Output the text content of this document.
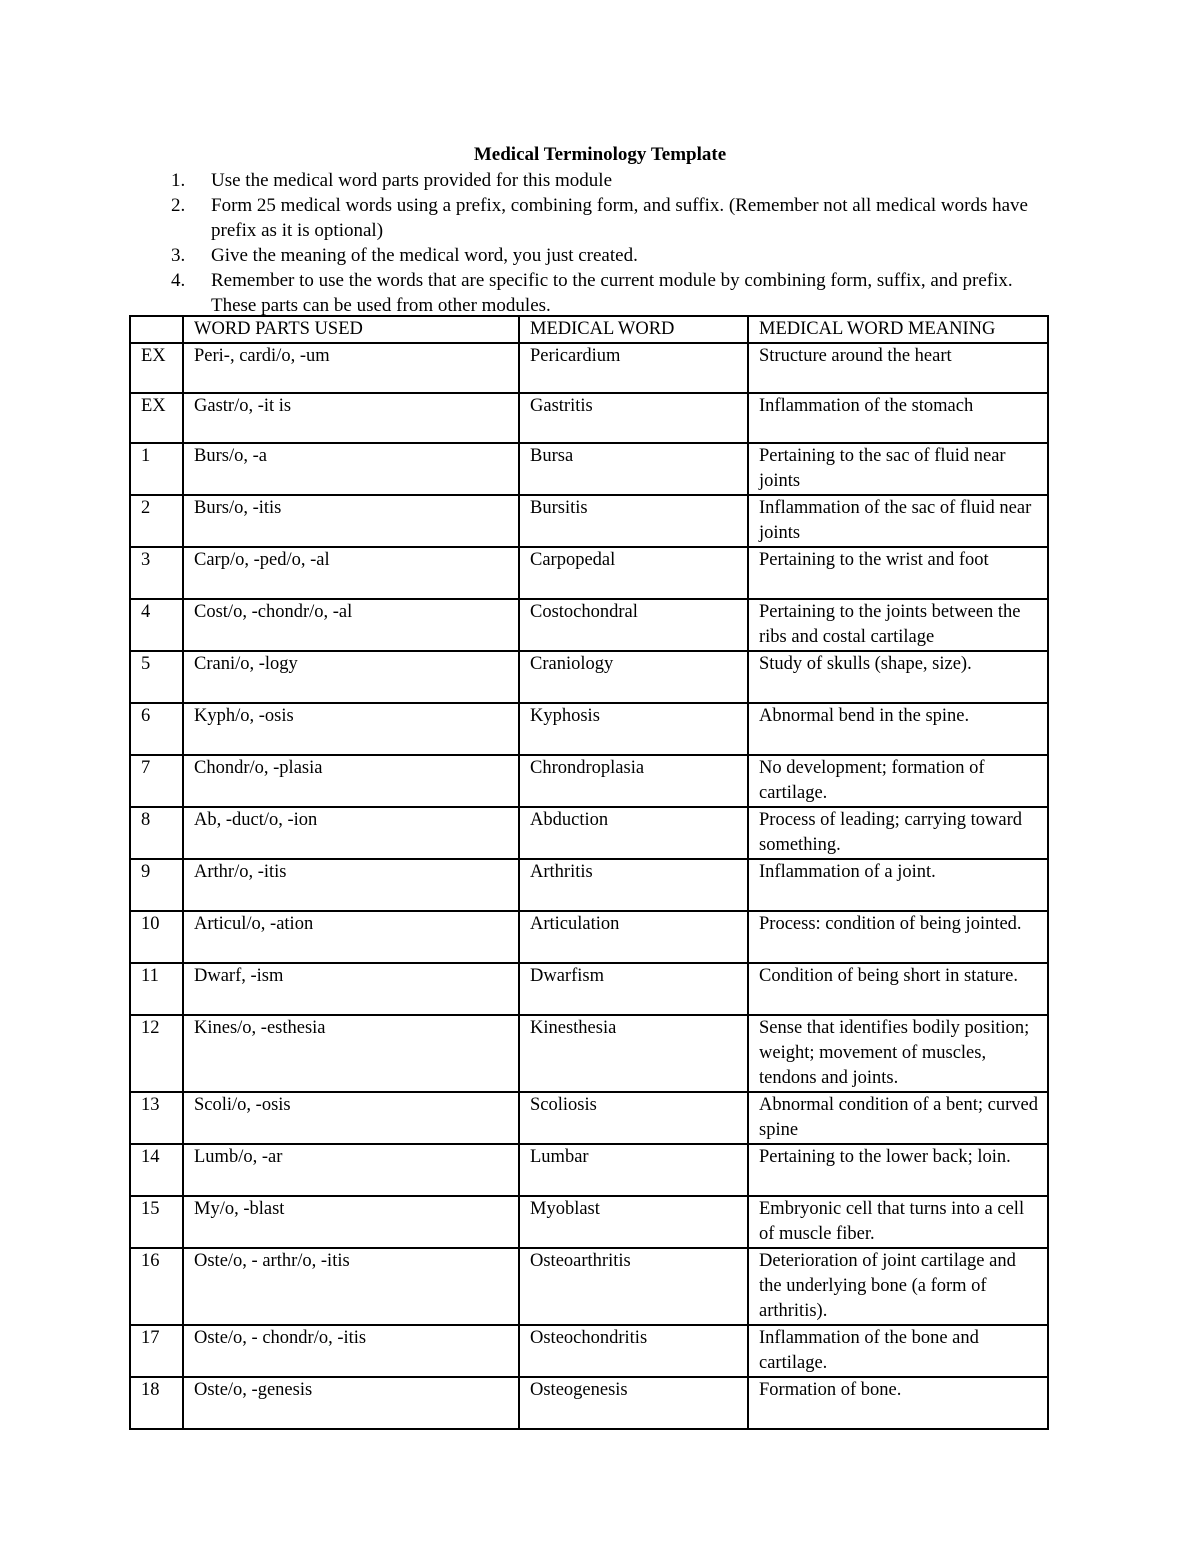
Medical Terminology Template
1. Use the medical word parts provided for this module
2. Form 25 medical words using a prefix, combining form, and suffix. (Remember not all medical words have prefix as it is optional)
3. Give the meaning of the medical word, you just created.
4. Remember to use the words that are specific to the current module by combining form, suffix, and prefix. These parts can be used from other modules.
	WORD PARTS USED	MEDICAL WORD	MEDICAL WORD MEANING
EX	Peri-, cardi/o, -um	Pericardium	Structure around the heart
EX	Gastr/o, -it is	Gastritis	Inflammation of the stomach
1	Burs/o, -a	Bursa	Pertaining to the sac of fluid near joints
2	Burs/o, -itis	Bursitis	Inflammation of the sac of fluid near joints
3	Carp/o, -ped/o, -al	Carpopedal	Pertaining to the wrist and foot
4	Cost/o, -chondr/o, -al	Costochondral	Pertaining to the joints between the ribs and costal cartilage
5	Crani/o, -logy	Craniology	Study of skulls (shape, size).
6	Kyph/o, -osis	Kyphosis	Abnormal bend in the spine.
7	Chondr/o, -plasia	Chrondroplasia	No development; formation of cartilage.
8	Ab, -duct/o, -ion	Abduction	Process of leading; carrying toward something.
9	Arthr/o, -itis	Arthritis	Inflammation of a joint.
10	Articul/o, -ation	Articulation	Process: condition of being jointed.
11	Dwarf, -ism	Dwarfism	Condition of being short in stature.
12	Kines/o, -esthesia	Kinesthesia	Sense that identifies bodily position; weight; movement of muscles, tendons and joints.
13	Scoli/o, -osis	Scoliosis	Abnormal condition of a bent; curved spine
14	Lumb/o, -ar	Lumbar	Pertaining to the lower back; loin.
15	My/o, -blast	Myoblast	Embryonic cell that turns into a cell of muscle fiber.
16	Oste/o, - arthr/o, -itis	Osteoarthritis	Deterioration of joint cartilage and the underlying bone (a form of arthritis).
17	Oste/o, - chondr/o, -itis	Osteochondritis	Inflammation of the bone and cartilage.
18	Oste/o, -genesis	Osteogenesis	Formation of bone.
